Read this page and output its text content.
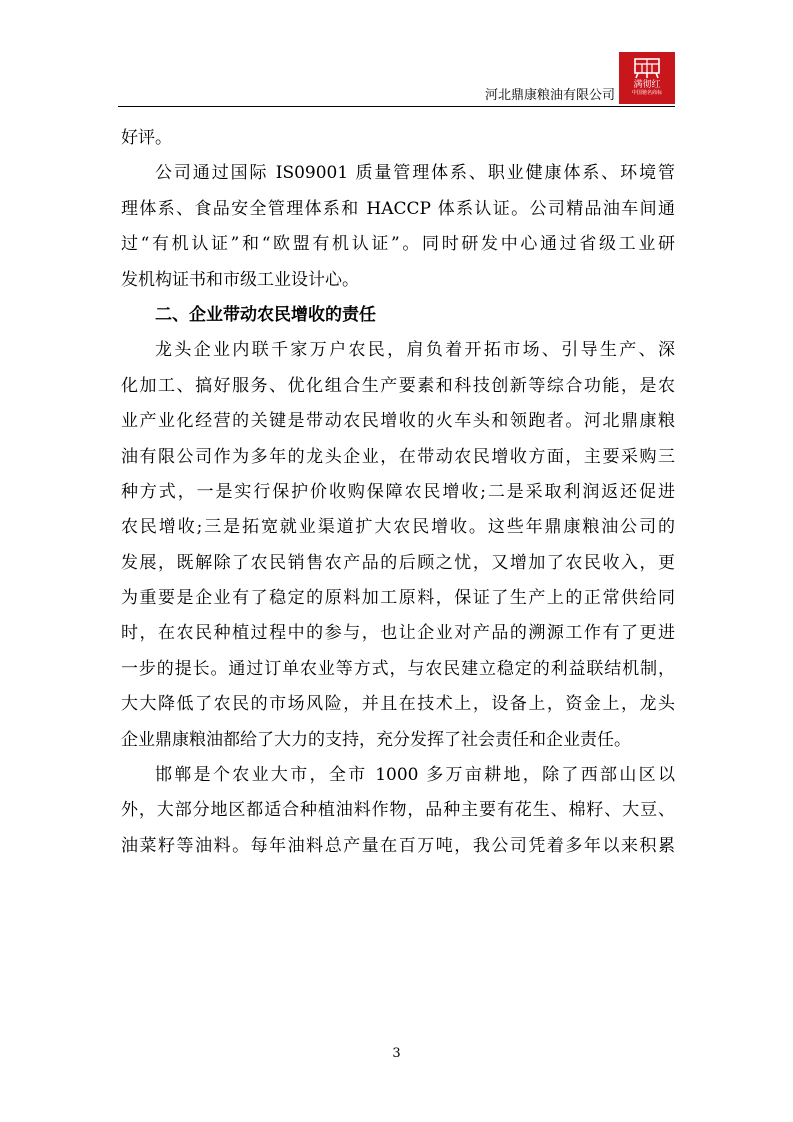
河北鼎康粮油有限公司
满彻红
中国驰名商标
好评。
公司通过国际 IS09001 质量管理体系、职业健康体系、环境管
理体系、食品安全管理体系和 HACCP 体系认证。公司精品油车间通
过“有机认证”和“欧盟有机认证”。同时研发中心通过省级工业研
发机构证书和市级工业设计心。
二、企业带动农民增收的责任
龙头企业内联千家万户农民，肩负着开拓市场、引导生产、深
化加工、搞好服务、优化组合生产要素和科技创新等综合功能，是农
业产业化经营的关键是带动农民增收的火车头和领跑者。河北鼎康粮
油有限公司作为多年的龙头企业，在带动农民增收方面，主要采购三
种方式，一是实行保护价收购保障农民增收;二是采取利润返还促进
农民增收;三是拓宽就业渠道扩大农民增收。这些年鼎康粮油公司的
发展，既解除了农民销售农产品的后顾之忧，又增加了农民收入，更
为重要是企业有了稳定的原料加工原料，保证了生产上的正常供给同
时，在农民种植过程中的参与，也让企业对产品的溯源工作有了更进
一步的提长。通过订单农业等方式，与农民建立稳定的利益联结机制，
大大降低了农民的市场风险，并且在技术上，设备上，资金上，龙头
企业鼎康粮油都给了大力的支持，充分发挥了社会责任和企业责任。
邯郸是个农业大市，全市 1000 多万亩耕地，除了西部山区以
外，大部分地区都适合种植油料作物，品种主要有花生、棉籽、大豆、
油菜籽等油料。每年油料总产量在百万吨，我公司凭着多年以来积累
3
